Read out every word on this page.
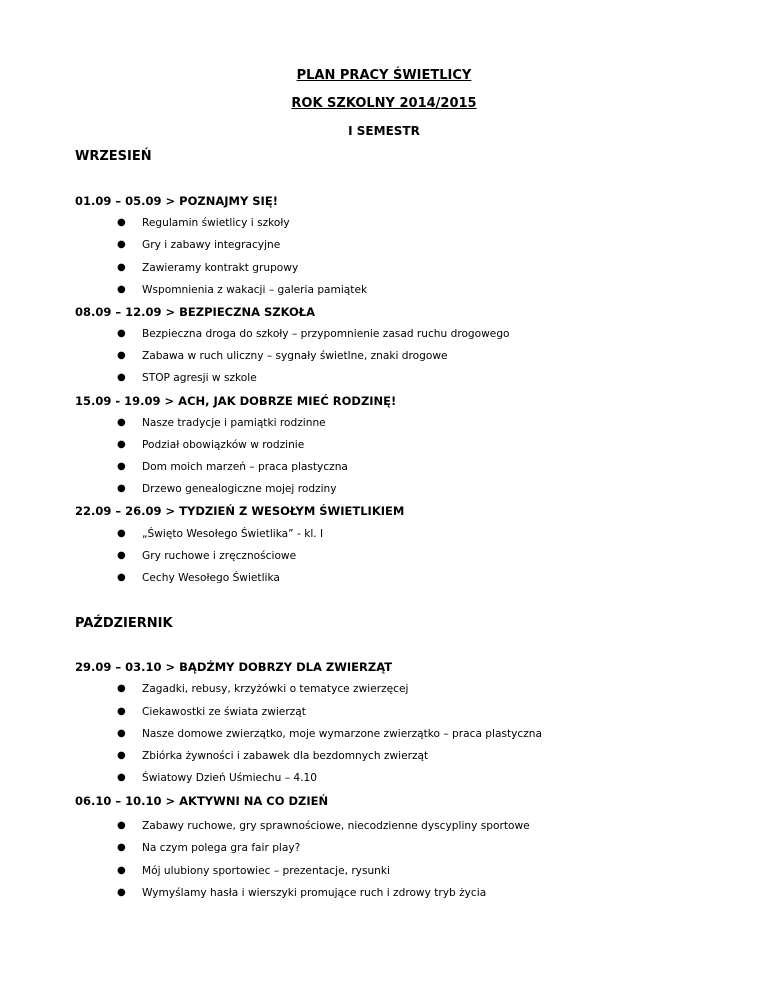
PLAN PRACY ŚWIETLICY
ROK SZKOLNY 2014/2015
I SEMESTR
WRZESIEŃ
01.09 – 05.09 > POZNAJMY SIĘ!
● Regulamin świetlicy i szkoły
● Gry i zabawy integracyjne
● Zawieramy kontrakt grupowy
● Wspomnienia z wakacji – galeria pamiątek
08.09 – 12.09 > BEZPIECZNA SZKOŁA
● Bezpieczna droga do szkoły – przypomnienie zasad ruchu drogowego
● Zabawa w ruch uliczny – sygnały świetlne, znaki drogowe
● STOP agresji w szkole
15.09 - 19.09 > ACH, JAK DOBRZE MIEĆ RODZINĘ!
● Nasze tradycje i pamiątki rodzinne
● Podział obowiązków w rodzinie
● Dom moich marzeń – praca plastyczna
● Drzewo genealogiczne mojej rodziny
22.09 – 26.09 > TYDZIEŃ Z WESOŁYM ŚWIETLIKIEM
● „Święto Wesołego Świetlika” - kl. I
● Gry ruchowe i zręcznościowe
● Cechy Wesołego Świetlika
PAŹDZIERNIK
29.09 – 03.10 > BĄDŹMY DOBRZY DLA ZWIERZĄT
● Zagadki, rebusy, krzyżówki o tematyce zwierzęcej
● Ciekawostki ze świata zwierząt
● Nasze domowe zwierzątko, moje wymarzone zwierzątko – praca plastyczna
● Zbiórka żywności i zabawek dla bezdomnych zwierząt
● Światowy Dzień Uśmiechu – 4.10
06.10 – 10.10 > AKTYWNI NA CO DZIEŃ
● Zabawy ruchowe, gry sprawnościowe, niecodzienne dyscypliny sportowe
● Na czym polega gra fair play?
● Mój ulubiony sportowiec – prezentacje, rysunki
● Wymyślamy hasła i wierszyki promujące ruch i zdrowy tryb życia
